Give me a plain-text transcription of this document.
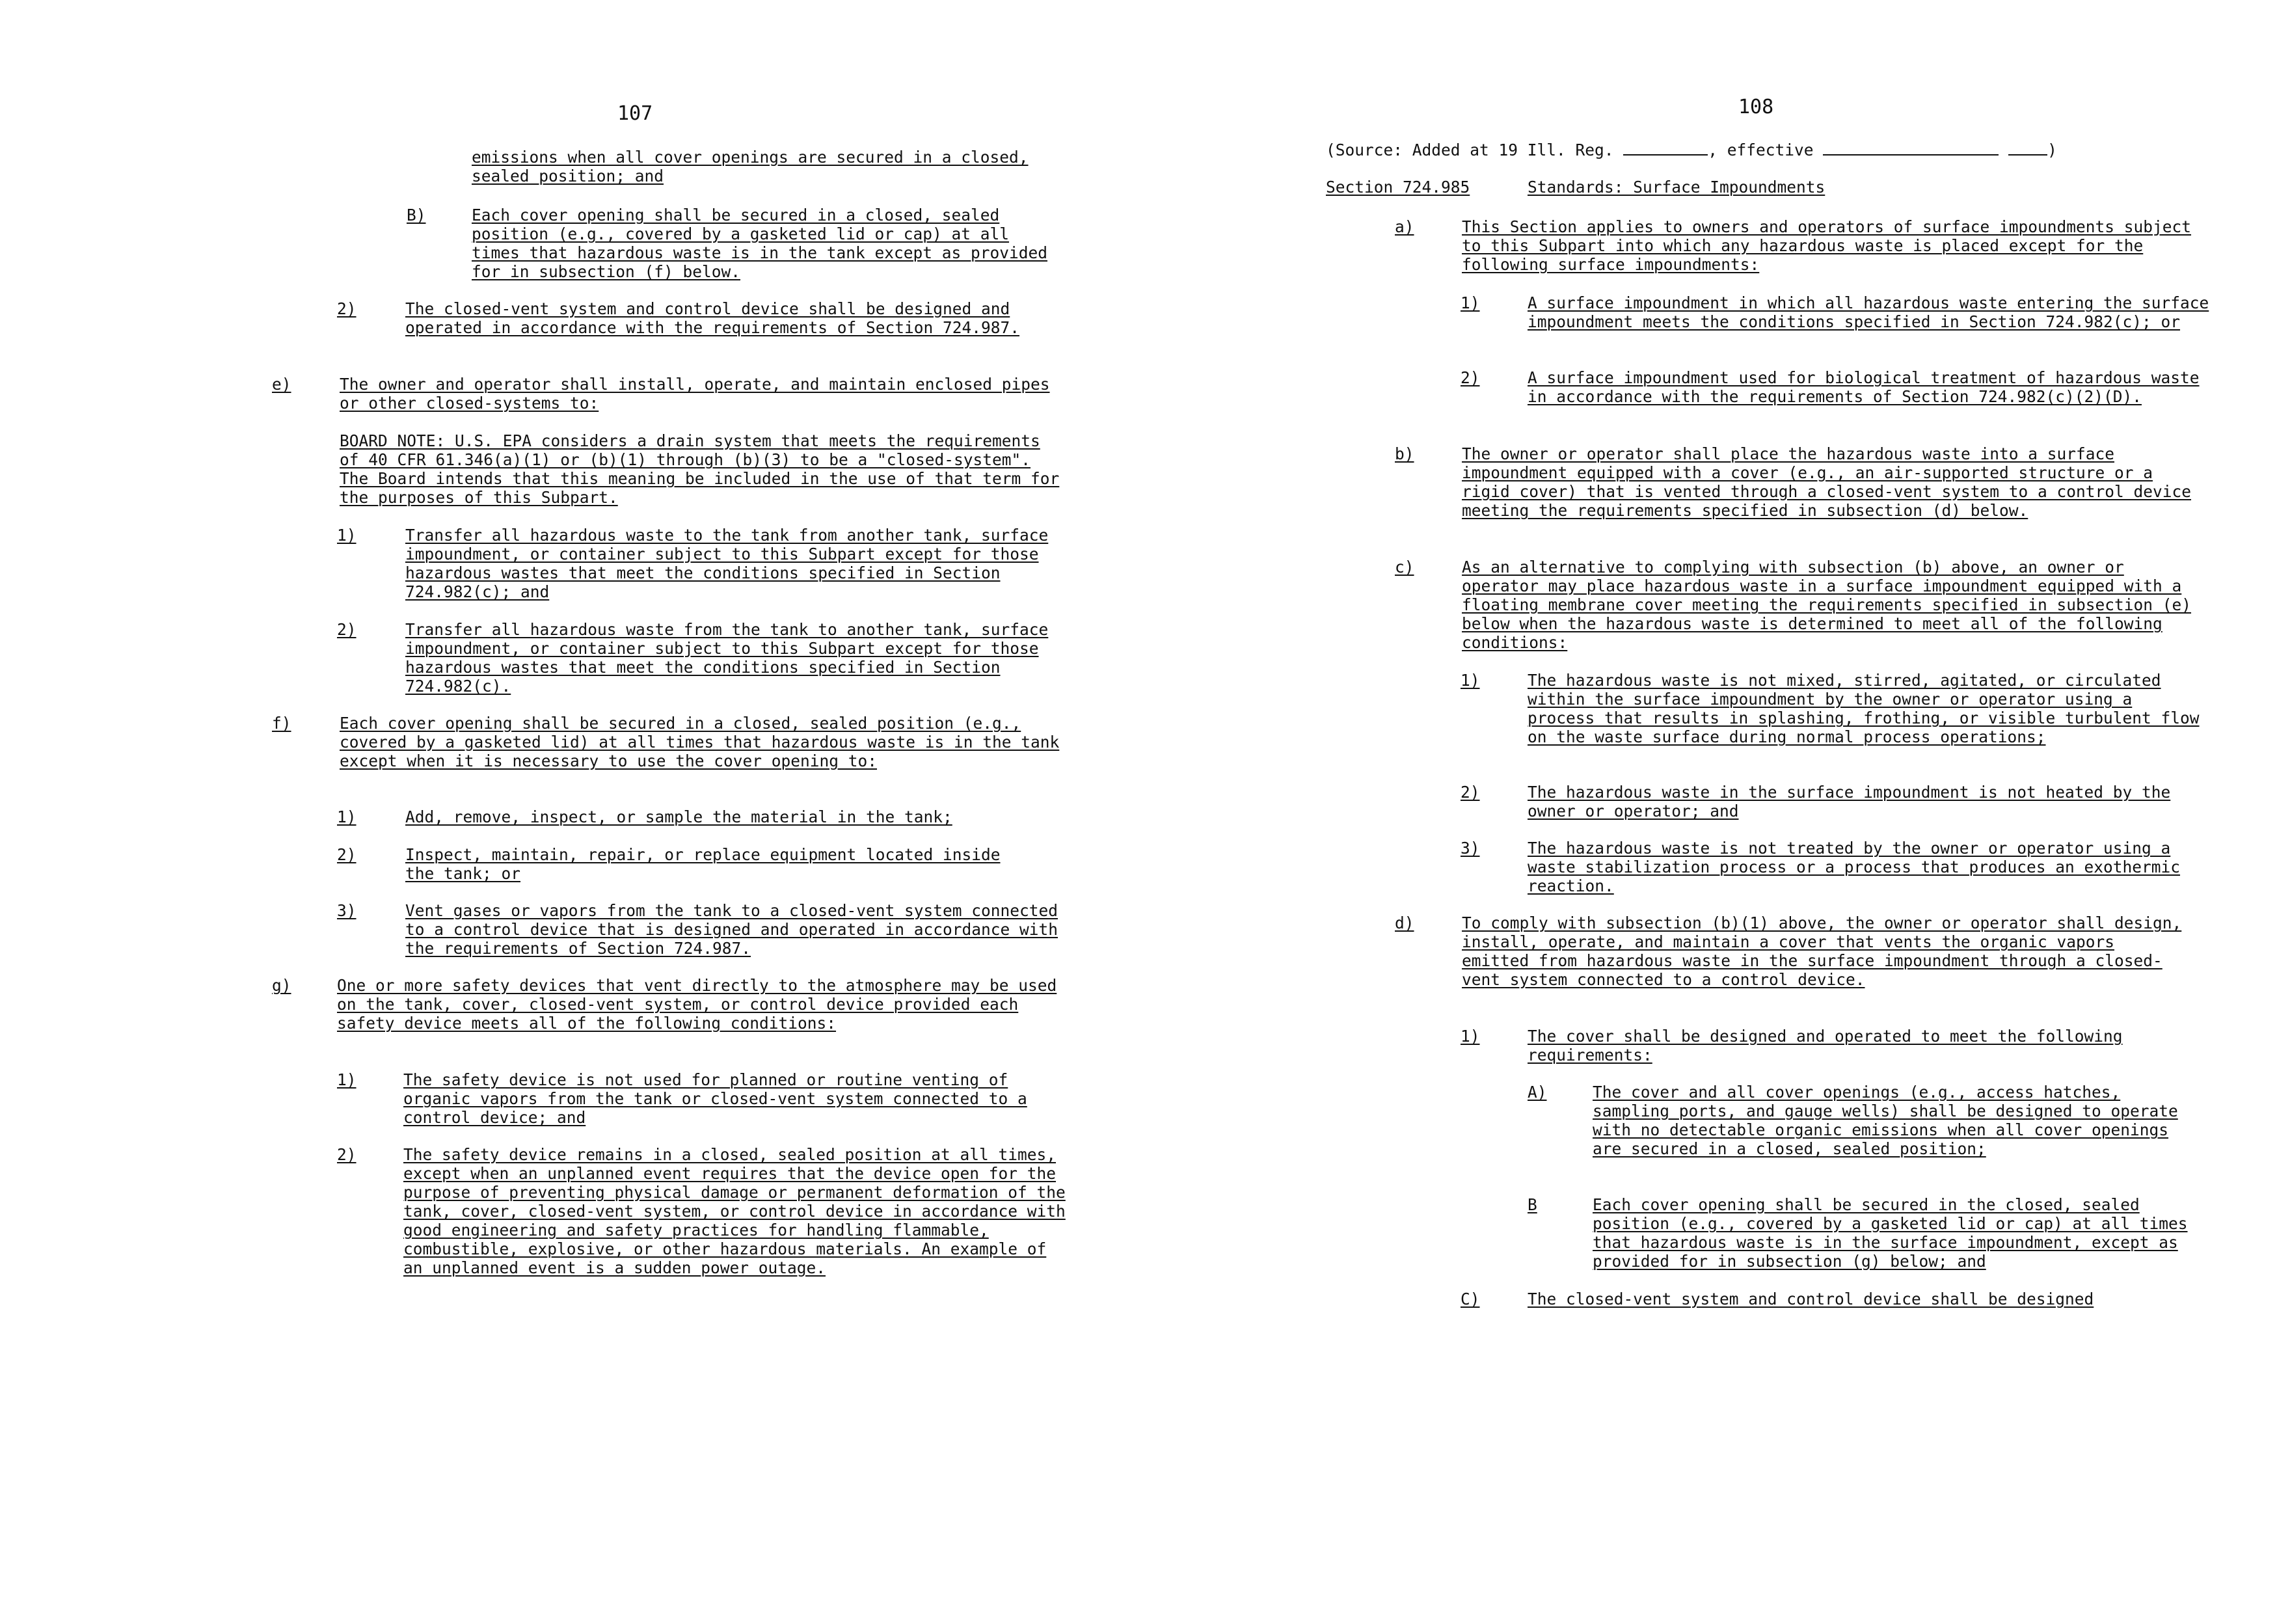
107
emissions when all cover openings are secured in a closed, sealed position; and
B)	Each cover opening shall be secured in a closed, sealed position (e.g., covered by a gasketed lid or cap) at all times that hazardous waste is in the tank except as provided for in subsection (f) below.
2)	The closed-vent system and control device shall be designed and operated in accordance with the requirements of Section 724.987.
e)	The owner and operator shall install, operate, and maintain enclosed pipes or other closed-systems to:
BOARD NOTE: U.S. EPA considers a drain system that meets the requirements of 40 CFR 61.346(a)(1) or (b)(1) through (b)(3) to be a "closed-system". The Board intends that this meaning be included in the use of that term for the purposes of this Subpart.
1)	Transfer all hazardous waste to the tank from another tank, surface impoundment, or container subject to this Subpart except for those hazardous wastes that meet the conditions specified in Section 724.982(c); and
2)	Transfer all hazardous waste from the tank to another tank, surface impoundment, or container subject to this Subpart except for those hazardous wastes that meet the conditions specified in Section 724.982(c).
f)	Each cover opening shall be secured in a closed, sealed position (e.g., covered by a gasketed lid) at all times that hazardous waste is in the tank except when it is necessary to use the cover opening to:
1)	Add, remove, inspect, or sample the material in the tank;
2)	Inspect, maintain, repair, or replace equipment located inside the tank; or
3)	Vent gases or vapors from the tank to a closed-vent system connected to a control device that is designed and operated in accordance with the requirements of Section 724.987.
g)	One or more safety devices that vent directly to the atmosphere may be used on the tank, cover, closed-vent system, or control device provided each safety device meets all of the following conditions:
1)	The safety device is not used for planned or routine venting of organic vapors from the tank or closed-vent system connected to a control device; and
2)	The safety device remains in a closed, sealed position at all times, except when an unplanned event requires that the device open for the purpose of preventing physical damage or permanent deformation of the tank, cover, closed-vent system, or control device in accordance with good engineering and safety practices for handling flammable, combustible, explosive, or other hazardous materials. An example of an unplanned event is a sudden power outage.
108
(Source: Added at 19 Ill. Reg.	, effective	)
Section 724.985	Standards: Surface Impoundments
a)	This Section applies to owners and operators of surface impoundments subject to this Subpart into which any hazardous waste is placed except for the following surface impoundments:
1)	A surface impoundment in which all hazardous waste entering the surface impoundment meets the conditions specified in Section 724.982(c); or
2)	A surface impoundment used for biological treatment of hazardous waste in accordance with the requirements of Section 724.982(c)(2)(D).
b)	The owner or operator shall place the hazardous waste into a surface impoundment equipped with a cover (e.g., an air-supported structure or a rigid cover) that is vented through a closed-vent system to a control device meeting the requirements specified in subsection (d) below.
c)	As an alternative to complying with subsection (b) above, an owner or operator may place hazardous waste in a surface impoundment equipped with a floating membrane cover meeting the requirements specified in subsection (e) below when the hazardous waste is determined to meet all of the following conditions:
1)	The hazardous waste is not mixed, stirred, agitated, or circulated within the surface impoundment by the owner or operator using a process that results in splashing, frothing, or visible turbulent flow on the waste surface during normal process operations;
2)	The hazardous waste in the surface impoundment is not heated by the owner or operator; and
3)	The hazardous waste is not treated by the owner or operator using a waste stabilization process or a process that produces an exothermic reaction.
d)	To comply with subsection (b)(1) above, the owner or operator shall design, install, operate, and maintain a cover that vents the organic vapors emitted from hazardous waste in the surface impoundment through a closed-vent system connected to a control device.
1)	The cover shall be designed and operated to meet the following requirements:
A)	The cover and all cover openings (e.g., access hatches, sampling ports, and gauge wells) shall be designed to operate with no detectable organic emissions when all cover openings are secured in a closed, sealed position;
B	Each cover opening shall be secured in the closed, sealed position (e.g., covered by a gasketed lid or cap) at all times that hazardous waste is in the surface impoundment, except as provided for in subsection (g) below; and
C)	The closed-vent system and control device shall be designed
